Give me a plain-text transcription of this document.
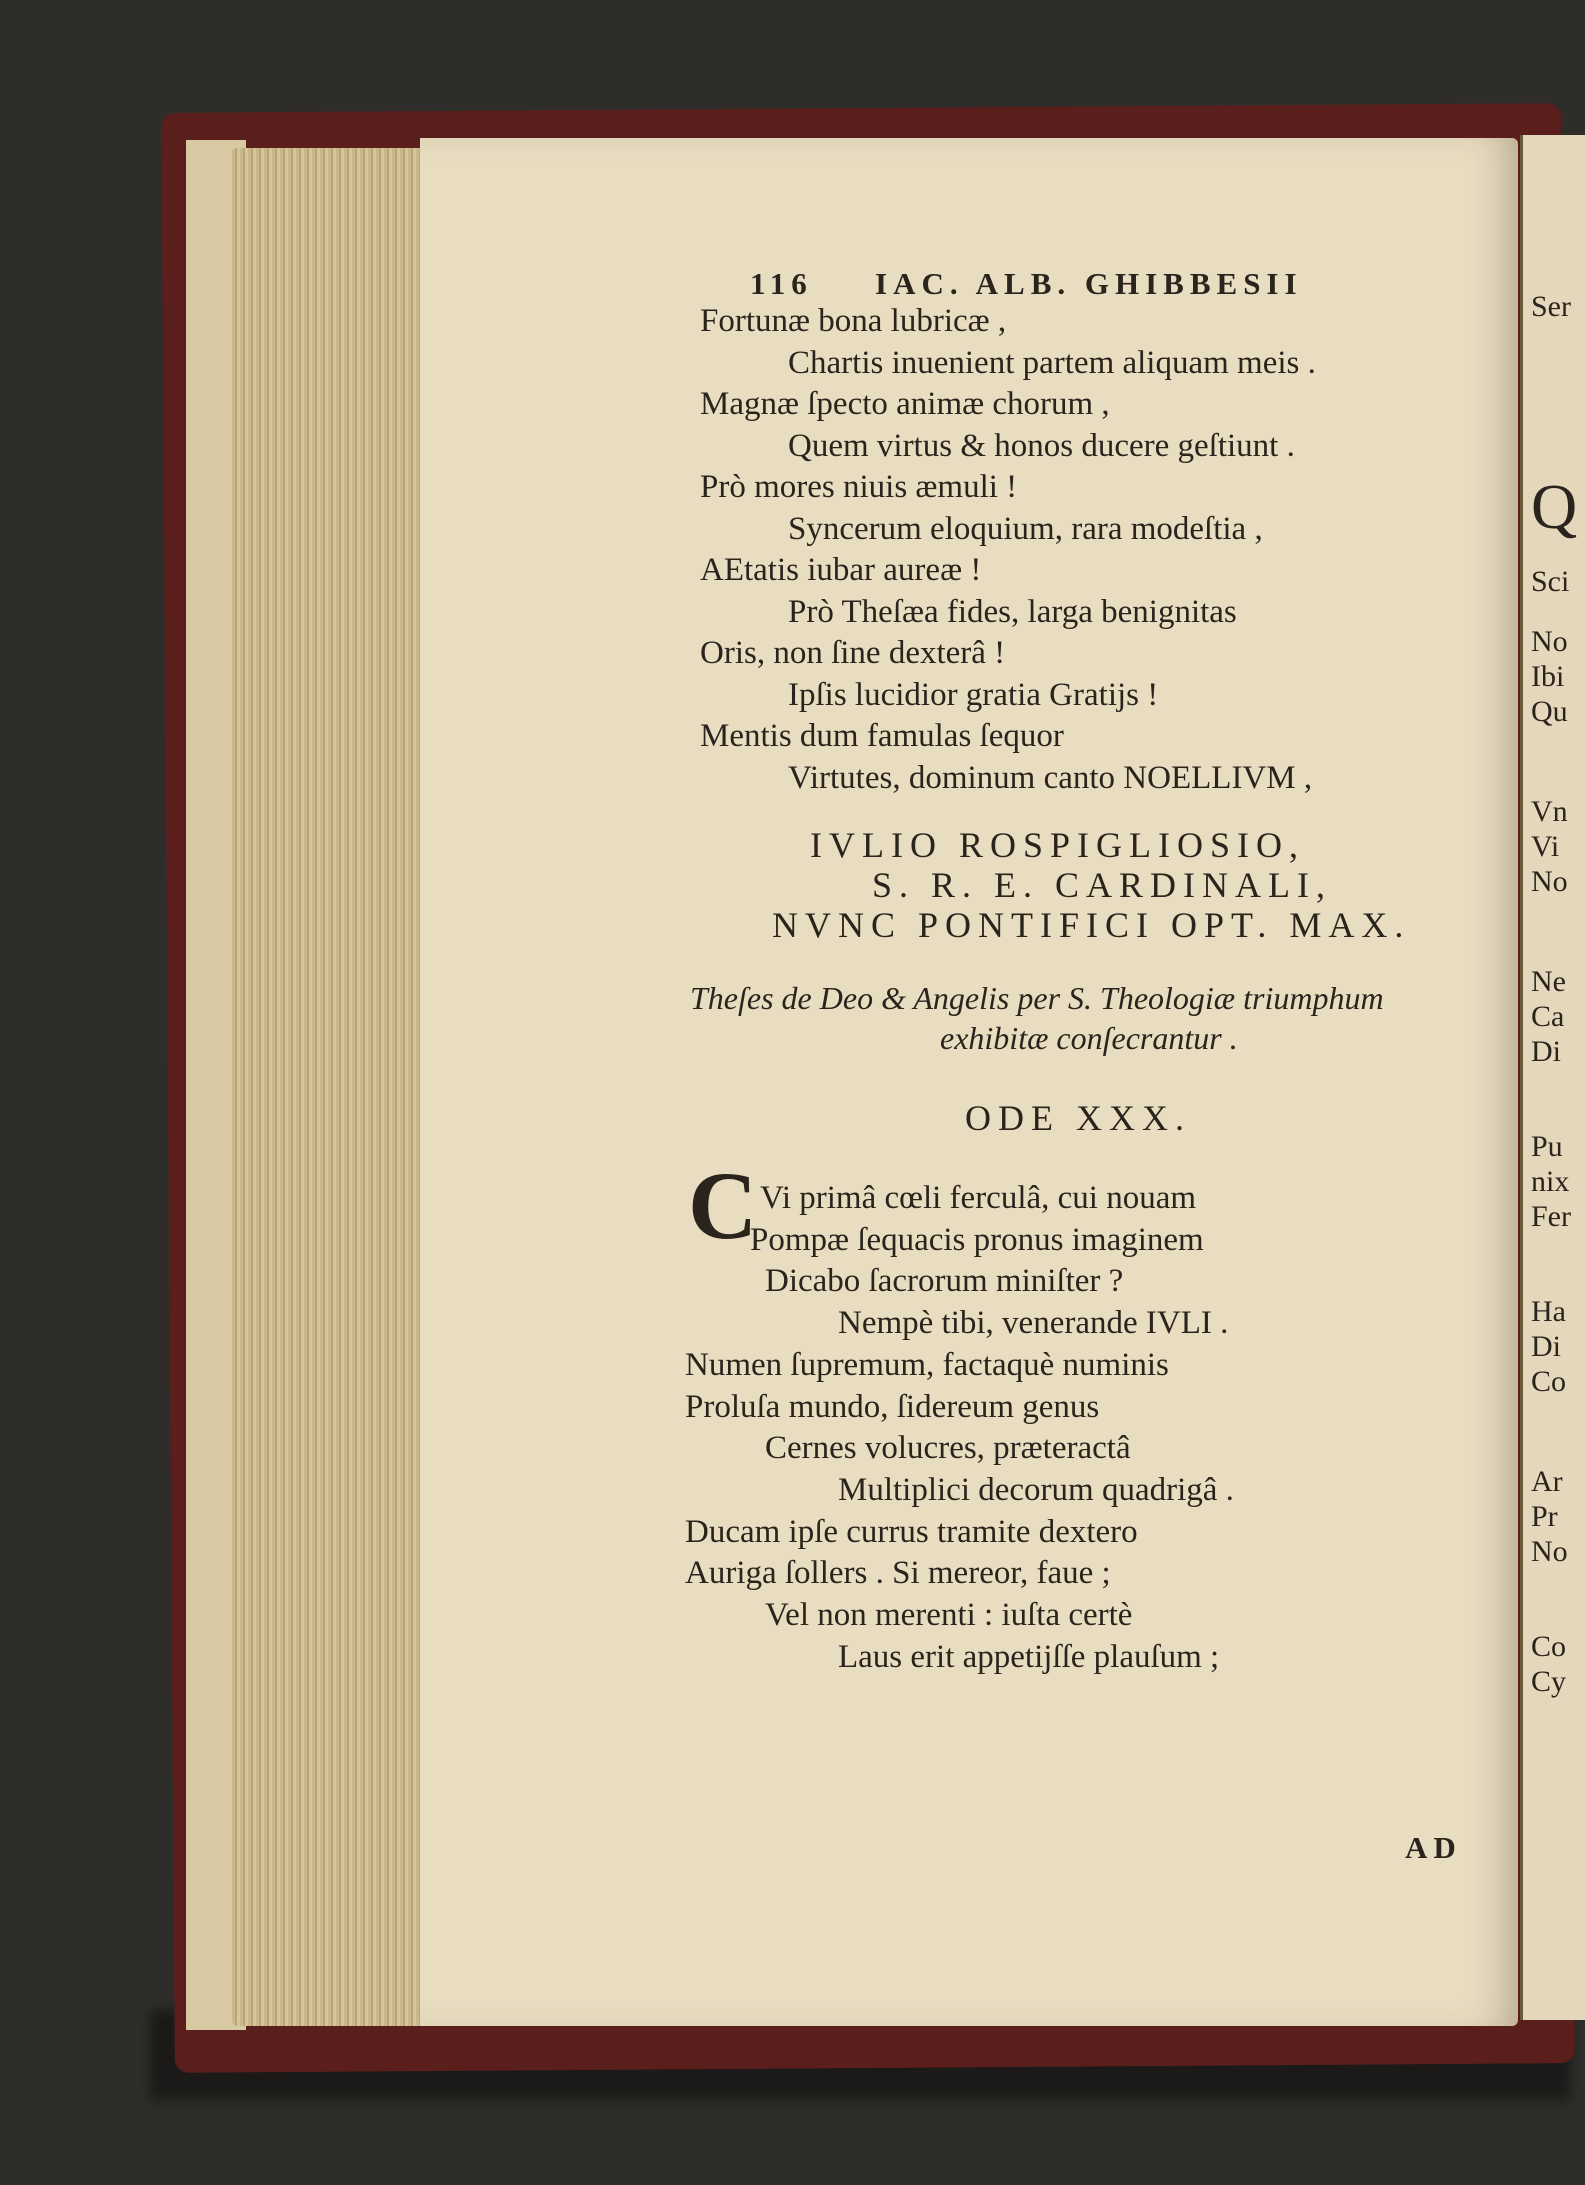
116 IAC. ALB. GHIBBESII
Fortunæ bona lubricæ ,
Chartis inuenient partem aliquam meis .
Magnæ ſpecto animæ chorum ,
Quem virtus & honos ducere geſtiunt .
Prò mores niuis æmuli !
Syncerum eloquium, rara modeſtia ,
AEtatis iubar aureæ !
Prò Theſæa fides, larga benignitas
Oris, non ſine dexterâ !
Ipſis lucidior gratia Gratijs !
Mentis dum famulas ſequor
Virtutes, dominum canto NOELLIVM ,
IVLIO ROSPIGLIOSIO,
S. R. E. CARDINALI,
NVNC PONTIFICI OPT. MAX.
Theſes de Deo & Angelis per S. Theologiæ triumphum
exhibitæ conſecrantur .
ODE XXX.
C Vi primâ cœli ferculâ, cui nouam
Pompæ ſequacis pronus imaginem
Dicabo ſacrorum miniſter ?
Nempè tibi, venerande IVLI .
Numen ſupremum, factaquè numinis
Proluſa mundo, ſidereum genus
Cernes volucres, præteractâ
Multiplici decorum quadrigâ .
Ducam ipſe currus tramite dextero
Auriga ſollers . Si mereor, faue ;
Vel non merenti : iuſta certè
Laus erit appetijſſe plauſum ;
AD
Ser
Q
Sci
No
Ibi
Qu
Vn
Vi
No
Ne
Ca
Di
Pu
nix
Fer
Ha
Di
Co
Ar
Pr
No
Co
Cy
